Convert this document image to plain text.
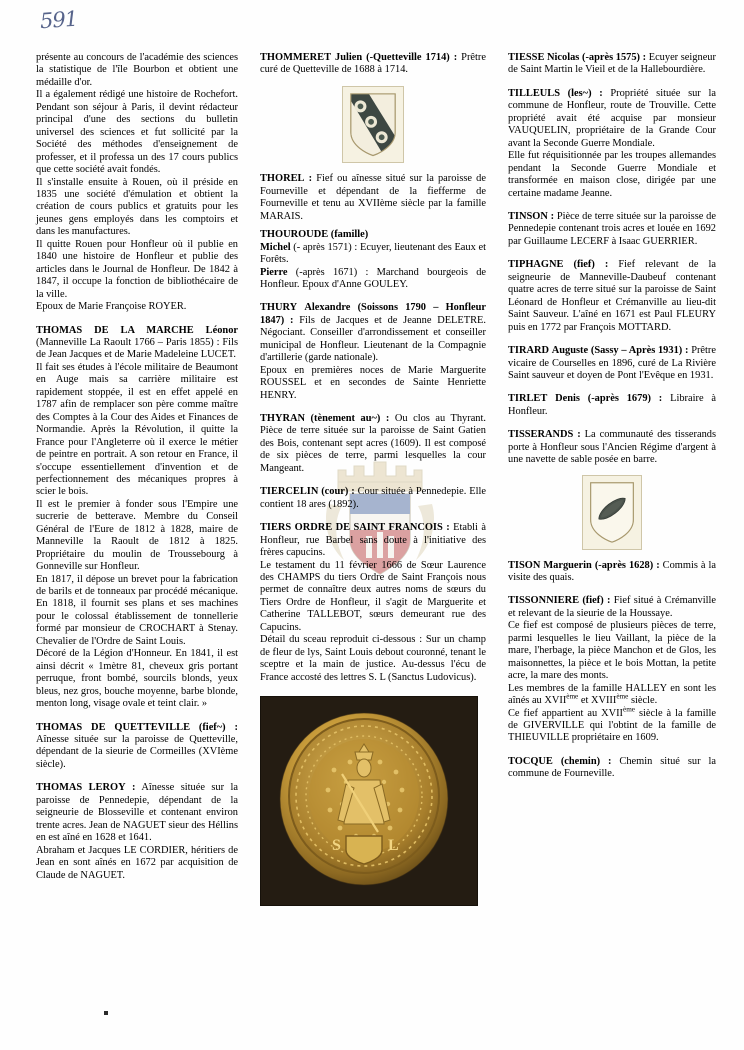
591

présente au concours de l'académie des sciences la statistique de l'île Bourbon et obtient une médaille d'or.

Il a également rédigé une histoire de Rochefort. Pendant son séjour à Paris, il devint rédacteur principal d'une des sections du bulletin universel des sciences et fut sollicité par la Société des méthodes d'enseignement de professer, et il professa un des 17 cours publics que cette société avait fondés.

Il s'installe ensuite à Rouen, où il préside en 1835 une société d'émulation et obtient la création de cours publics et gratuits pour les jeunes gens employés dans les comptoirs et dans les manufactures.

Il quitte Rouen pour Honfleur où il publie en 1840 une histoire de Honfleur et publie des articles dans le Journal de Honfleur. De 1842 à 1847, il occupe la fonction de bibliothécaire de la ville.

Epoux de Marie Françoise ROYER.

THOMAS DE LA MARCHE Léonor (Manneville La Raoult 1766 – Paris 1855) : Fils de Jean Jacques et de Marie Madeleine LUCET.

Il fait ses études à l'école militaire de Beaumont en Auge mais sa carrière militaire est rapidement stoppée, il est en effet appelé en 1787 afin de remplacer son père comme maître des Comptes à la Cour des Aides et Finances de Normandie. Après la Révolution, il quitte la France pour l'Angleterre où il exerce le métier de peintre en portrait. A son retour en France, il s'occupe essentiellement d'invention et de perfectionnement des mécaniques propres à scier le bois.

Il est le premier à fonder sous l'Empire une sucrerie de betterave. Membre du Conseil Général de l'Eure de 1812 à 1828, maire de Manneville la Raoult de 1812 à 1825. Propriétaire du moulin de Troussebourg à Gonneville sur Honfleur.

En 1817, il dépose un brevet pour la fabrication de barils et de tonneaux par procédé mécanique. En 1818, il fournit ses plans et ses machines pour le colossal établissement de tonnellerie formé par monsieur de CROCHART à Stenay. Chevalier de l'Ordre de Saint Louis.

Décoré de la Légion d'Honneur. En 1841, il est ainsi décrit « 1mètre 81, cheveux gris portant perruque, front bombé, sourcils blonds, yeux bleus, nez gros, bouche moyenne, barbe blonde, menton long, visage ovale et teint clair. »

THOMAS DE QUETTEVILLE (fief~) : Aînesse située sur la paroisse de Quetteville, dépendant de la sieurie de Cormeilles (XVIème siècle).

THOMAS LEROY : Aînesse située sur la paroisse de Pennedepie, dépendant de la seigneurie de Blosseville et contenant environ trente acres. Jean de NAGUET sieur des Héllins en est aîné en 1628 et 1641.

Abraham et Jacques LE CORDIER, héritiers de Jean en sont aînés en 1672 par acquisition de Claude de NAGUET.

THOMMERET Julien (-Quetteville 1714) : Prêtre curé de Quetteville de 1688 à 1714.

THOREL : Fief ou aînesse situé sur la paroisse de Fourneville et dépendant de la fiefferme de Fourneville et tenu au XVIIème siècle par la famille MARAIS.

THOUROUDE (famille)

Michel (- après 1571) : Ecuyer, lieutenant des Eaux et Forêts.

Pierre (-après 1671) : Marchand bourgeois de Honfleur. Epoux d'Anne GOULEY.

THURY Alexandre (Soissons 1790 – Honfleur 1847) : Fils de Jacques et de Jeanne DELETRE. Négociant. Conseiller d'arrondissement et conseiller municipal de Honfleur. Lieutenant de la Compagnie d'artillerie (garde nationale).

Epoux en premières noces de Marie Marguerite ROUSSEL et en secondes de Sainte Henriette HENRY.

THYRAN (tènement au~) : Ou clos au Thyrant. Pièce de terre située sur la paroisse de Saint Gatien des Bois, contenant sept acres (1609). Il est composé de six pièces de terre, parmi lesquelles la cour Mangeant.

TIERCELIN (cour) : Cour située à Pennedepie. Elle contient 18 ares (1892).

TIERS ORDRE DE SAINT FRANCOIS : Etabli à Honfleur, rue Barbel sans doute à l'initiative des frères capucins.

Le testament du 11 février 1666 de Sœur Laurence des CHAMPS du tiers Ordre de Saint François nous permet de connaître deux autres noms de sœurs du Tiers Ordre de Honfleur, il s'agit de Marguerite et Catherine TALLEBOT, sœurs demeurant rue des Capucins.

Détail du sceau reproduit ci-dessous : Sur un champ de fleur de lys, Saint Louis debout couronné, tenant le sceptre et la main de justice. Au-dessus l'écu de France accosté des lettres S. L (Sanctus Ludovicus).

S	L

TIESSE Nicolas (-après 1575) : Ecuyer seigneur de Saint Martin le Vieil et de la Hallebourdière.

TILLEULS (les~) : Propriété située sur la commune de Honfleur, route de Trouville. Cette propriété avait été acquise par monsieur VAUQUELIN, propriétaire de la Grande Cour avant la Seconde Guerre Mondiale.

Elle fut réquisitionnée par les troupes allemandes pendant la Seconde Guerre Mondiale et transformée en maison close, dirigée par une certaine madame Jeanne.

TINSON : Pièce de terre située sur la paroisse de Pennedepie contenant trois acres et louée en 1692 par Guillaume LECERF à Isaac GUERRIER.

TIPHAGNE (fief) : Fief relevant de la seigneurie de Manneville-Daubeuf contenant quatre acres de terre situé sur la paroisse de Saint Léonard de Honfleur et Crémanville au lieu-dit Saint Sauveur. L'aîné en 1671 est Paul FLEURY puis en 1772 par François MOTTARD.

TIRARD Auguste (Sassy – Après 1931) : Prêtre vicaire de Courselles en 1896, curé de La Rivière Saint sauveur et doyen de Pont l'Evêque en 1931.

TIRLET Denis (-après 1679) : Libraire à Honfleur.

TISSERANDS : La communauté des tisserands porte à Honfleur sous l'Ancien Régime d'argent à une navette de sable posée en barre.

TISON Marguerin (-après 1628) : Commis à la visite des quais.

TISSONNIERE (fief) : Fief situé à Crémanville et relevant de la sieurie de la Houssaye.

Ce fief est composé de plusieurs pièces de terre, parmi lesquelles le lieu Vaillant, la pièce de la mare, l'herbage, la pièce Manchon et de Glos, les maisonnettes, la pièce et le bois Mottan, la petite acre, la mare des monts.

Les membres de la famille HALLEY en sont les aînés au XVIIème et XVIIIème siècle.

Ce fief appartient au XVIIème siècle à la famille de GIVERVILLE qui l'obtint de la famille de THIEUVILLE propriétaire en 1609.

TOCQUE (chemin) : Chemin situé sur la commune de Fourneville.
